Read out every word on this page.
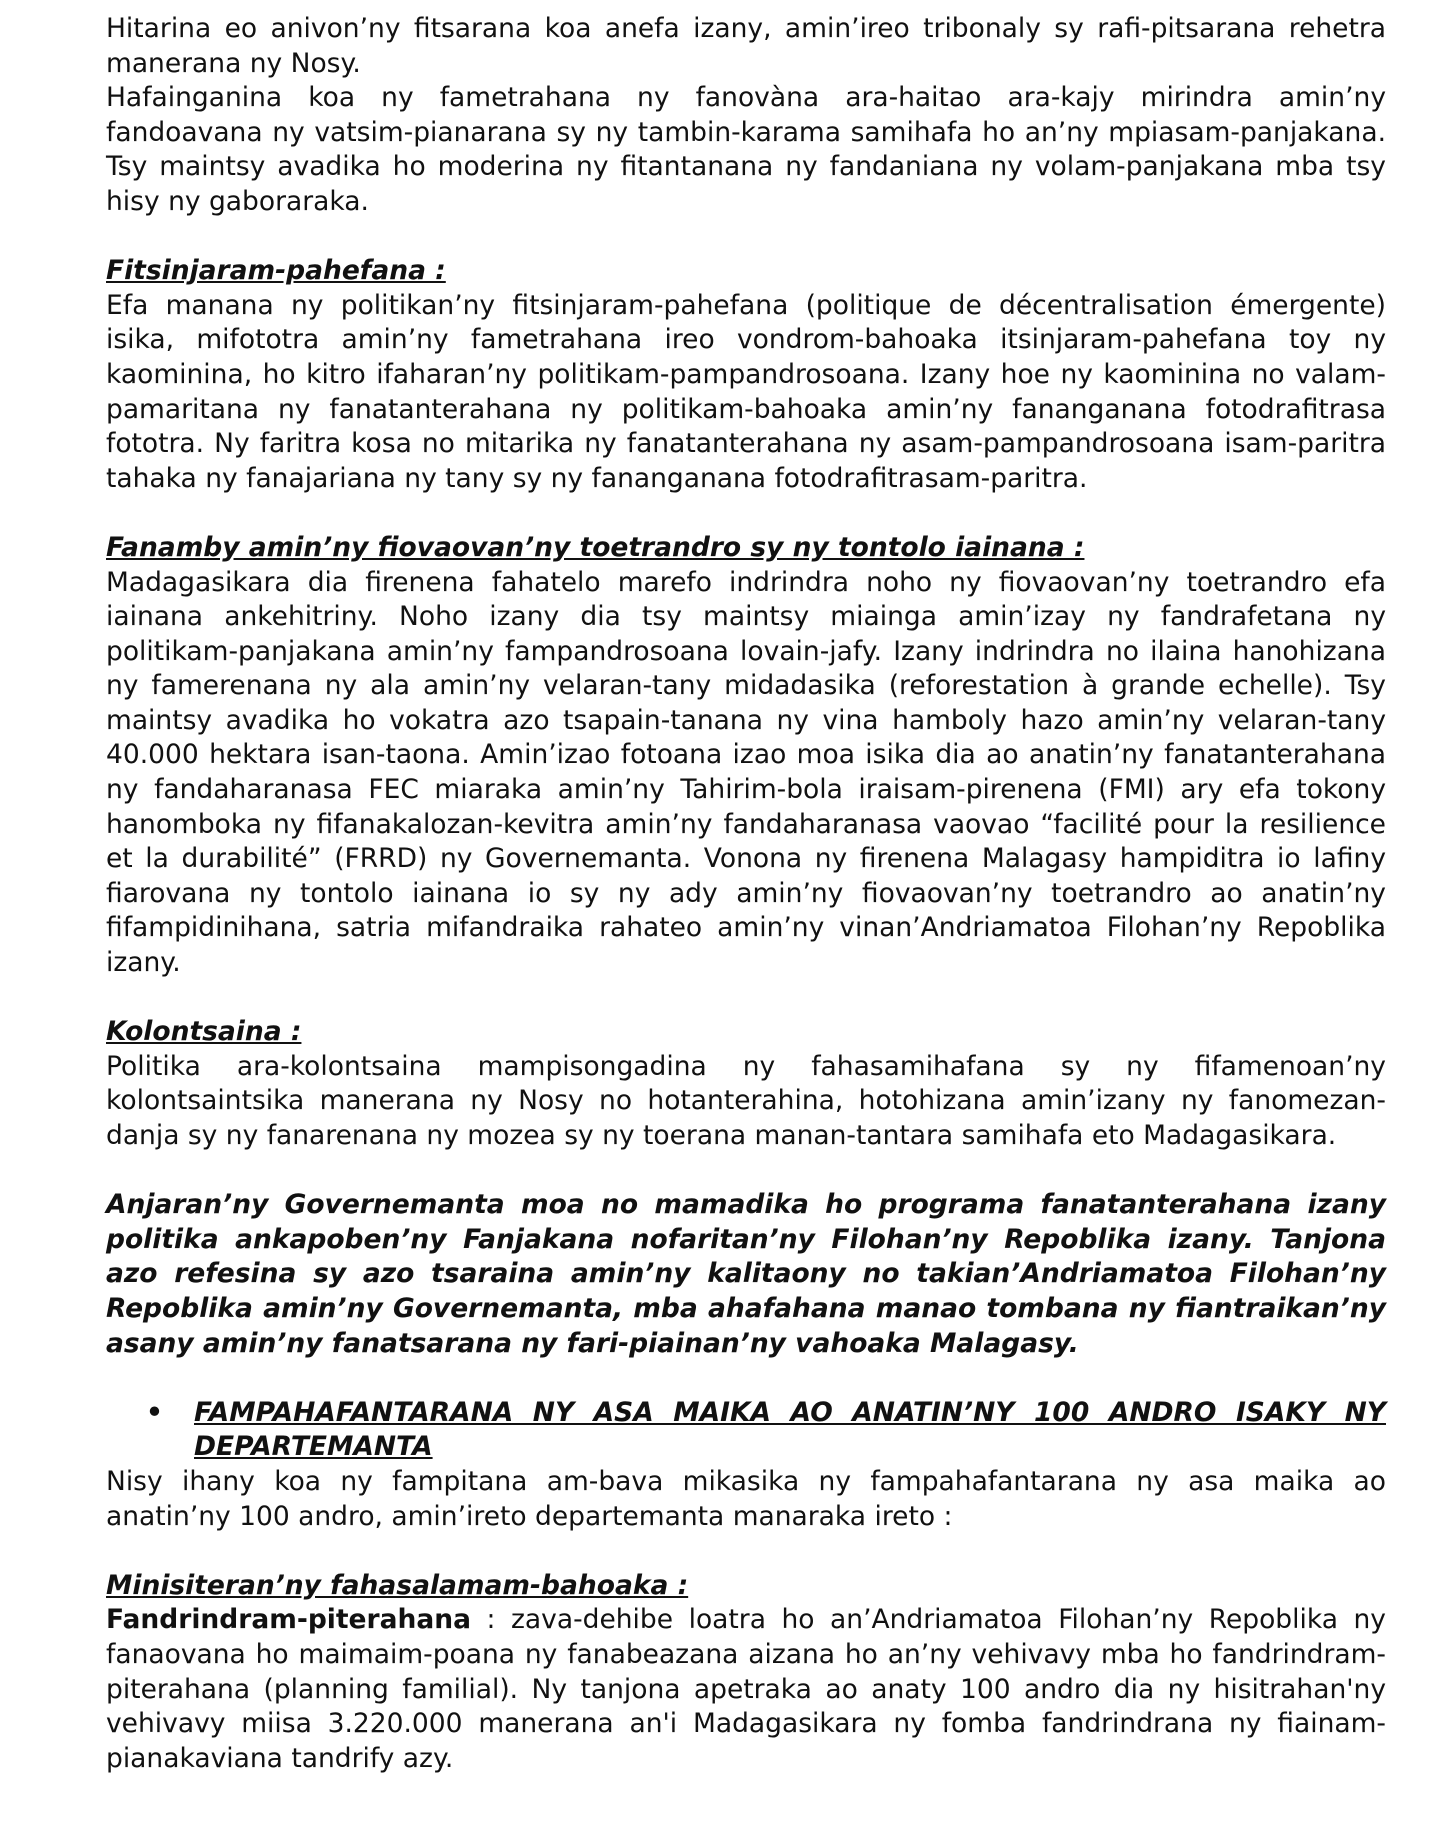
Hitarina eo anivon’ny fitsarana koa anefa izany, amin’ireo tribonaly sy rafi-pitsarana rehetra manerana ny Nosy.

Hafainganina koa ny fametrahana ny fanovàna ara-haitao ara-kajy mirindra amin’ny fandoavana ny vatsim-pianarana sy ny tambin-karama samihafa ho an’ny mpiasam-panjakana. Tsy maintsy avadika ho moderina ny fitantanana ny fandaniana ny volam-panjakana mba tsy hisy ny gaboraraka.

Fitsinjaram-pahefana :

Efa manana ny politikan’ny fitsinjaram-pahefana (politique de décentralisation émergente) isika, mifototra amin’ny fametrahana ireo vondrom-bahoaka itsinjaram-pahefana toy ny kaominina, ho kitro ifaharan’ny politikam-pampandrosoana. Izany hoe ny kaominina no valam-pamaritana ny fanatanterahana ny politikam-bahoaka amin’ny fananganana fotodrafitrasa fototra. Ny faritra kosa no mitarika ny fanatanterahana ny asam-pampandrosoana isam-paritra tahaka ny fanajariana ny tany sy ny fananganana fotodrafitrasam-paritra.

Fanamby amin’ny fiovaovan’ny toetrandro sy ny tontolo iainana :

Madagasikara dia firenena fahatelo marefo indrindra noho ny fiovaovan’ny toetrandro efa iainana ankehitriny. Noho izany dia tsy maintsy miainga amin’izay ny fandrafetana ny politikam-panjakana amin’ny fampandrosoana lovain-jafy. Izany indrindra no ilaina hanohizana ny famerenana ny ala amin’ny velaran-tany midadasika (reforestation à grande echelle). Tsy maintsy avadika ho vokatra azo tsapain-tanana ny vina hamboly hazo amin’ny velaran-tany 40.000 hektara isan-taona. Amin’izao fotoana izao moa isika dia ao anatin’ny fanatanterahana ny fandaharanasa FEC miaraka amin’ny Tahirim-bola iraisam-pirenena (FMI) ary efa tokony hanomboka ny fifanakalozan-kevitra amin’ny fandaharanasa vaovao “facilité pour la resilience et la durabilité” (FRRD) ny Governemanta. Vonona ny firenena Malagasy hampiditra io lafiny fiarovana ny tontolo iainana io sy ny ady amin’ny fiovaovan’ny toetrandro ao anatin’ny fifampidinihana, satria mifandraika rahateo amin’ny vinan’Andriamatoa Filohan’ny Repoblika izany.

Kolontsaina :

Politika ara-kolontsaina mampisongadina ny fahasamihafana sy ny fifamenoan’ny kolontsaintsika manerana ny Nosy no hotanterahina, hotohizana amin’izany ny fanomezan-danja sy ny fanarenana ny mozea sy ny toerana manan-tantara samihafa eto Madagasikara.

Anjaran’ny Governemanta moa no mamadika ho programa fanatanterahana izany politika ankapoben’ny Fanjakana nofaritan’ny Filohan’ny Repoblika izany. Tanjona azo refesina sy azo tsaraina amin’ny kalitaony no takian’Andriamatoa Filohan’ny Repoblika amin’ny Governemanta, mba ahafahana manao tombana ny fiantraikan’ny asany amin’ny fanatsarana ny fari-piainan’ny vahoaka Malagasy.

•	FAMPAHAFANTARANA NY ASA MAIKA AO ANATIN’NY 100 ANDRO ISAKY NY DEPARTEMANTA

Nisy ihany koa ny fampitana am-bava mikasika ny fampahafantarana ny asa maika ao anatin’ny 100 andro, amin’ireto departemanta manaraka ireto :

Minisiteran’ny fahasalamam-bahoaka :

Fandrindram-piterahana : zava-dehibe loatra ho an’Andriamatoa Filohan’ny Repoblika ny fanaovana ho maimaim-poana ny fanabeazana aizana ho an’ny vehivavy mba ho fandrindram-piterahana (planning familial). Ny tanjona apetraka ao anaty 100 andro dia ny hisitrahan'ny vehivavy miisa 3.220.000 manerana an'i Madagasikara ny fomba fandrindrana ny fiainam-pianakaviana tandrify azy.
